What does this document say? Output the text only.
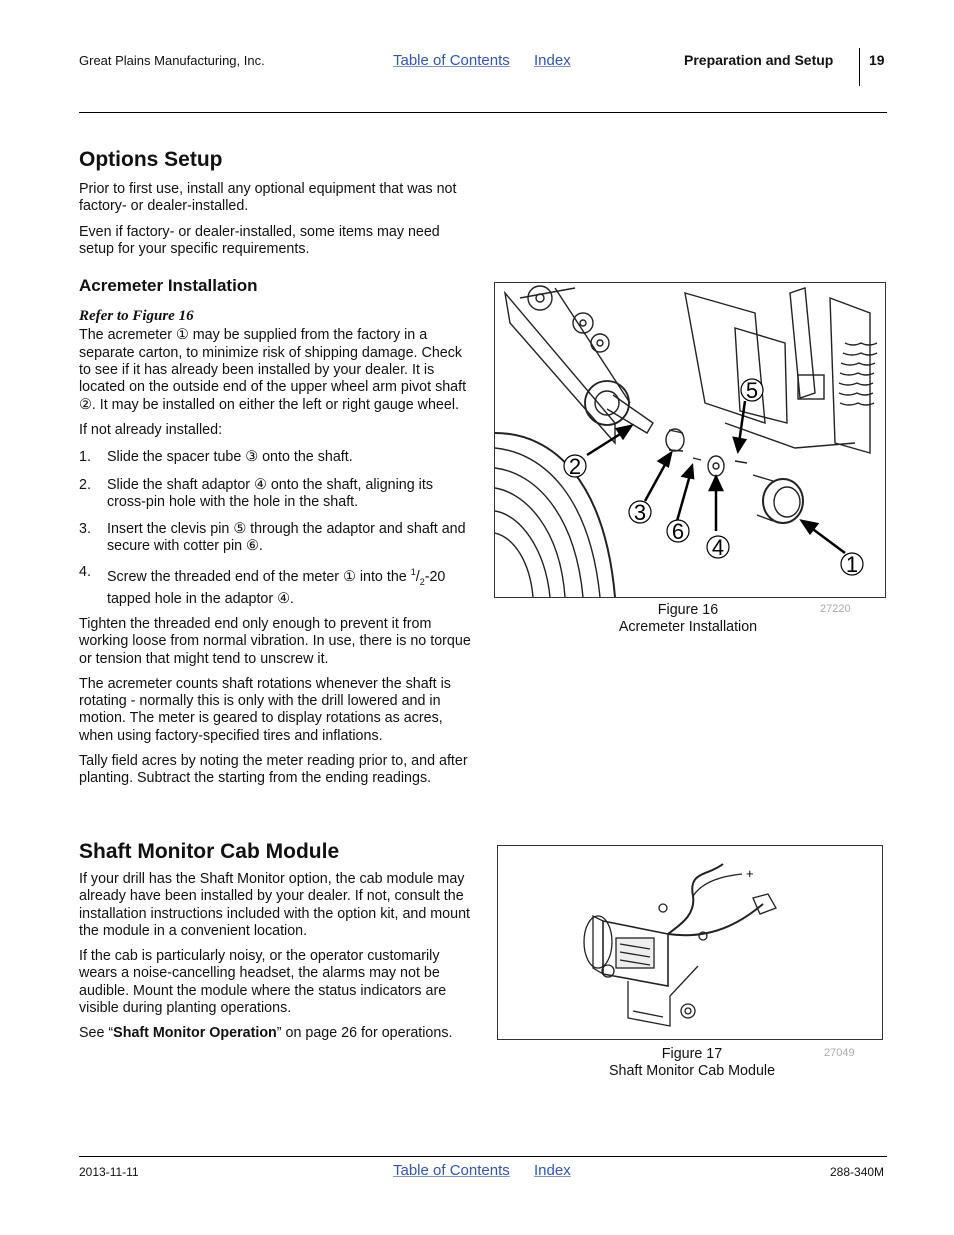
Great Plains Manufacturing, Inc.	Table of Contents Index	Preparation and Setup	19
Options Setup

Prior to first use, install any optional equipment that was not factory- or dealer-installed.

Even if factory- or dealer-installed, some items may need setup for your specific requirements.

Acremeter Installation

Refer to Figure 16

The acremeter ① may be supplied from the factory in a separate carton, to minimize risk of shipping damage. Check to see if it has already been installed by your dealer. It is located on the outside end of the upper wheel arm pivot shaft ②. It may be installed on either the left or right gauge wheel.

If not already installed:

1. Slide the spacer tube ③ onto the shaft.
2. Slide the shaft adaptor ④ onto the shaft, aligning its cross-pin hole with the hole in the shaft.
3. Insert the clevis pin ⑤ through the adaptor and shaft and secure with cotter pin ⑥.
4. Screw the threaded end of the meter ① into the $^1/_2-20$ tapped hole in the adaptor ④.

Tighten the threaded end only enough to prevent it from working loose from normal vibration. In use, there is no torque or tension that might tend to unscrew it.

The acremeter counts shaft rotations whenever the shaft is rotating - normally this is only with the drill lowered and in motion. The meter is geared to display rotations as acres, when using factory-specified tires and inflations.

Tally field acres by noting the meter reading prior to, and after planting. Subtract the starting from the ending readings.

Shaft Monitor Cab Module

If your drill has the Shaft Monitor option, the cab module may already have been installed by your dealer. If not, consult the installation instructions included with the option kit, and mount the module in a convenient location.

If the cab is particularly noisy, or the operator customarily wears a noise-cancelling headset, the alarms may not be audible. Mount the module where the status indicators are visible during planting operations.

See “Shaft Monitor Operation” on page 26 for operations.

1
2
3
4
5
6
Figure 16
Acremeter Installation
27220
+
Figure 17
Shaft Monitor Cab Module
27049
2013-11-11	Table of Contents Index	288-340M
